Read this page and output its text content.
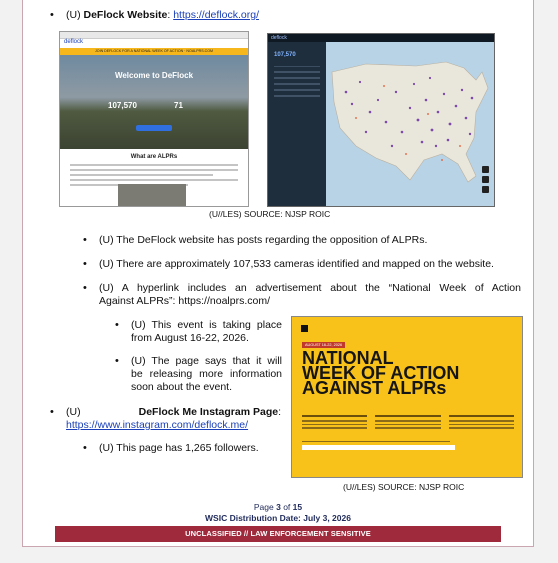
• (U) DeFlock Website: https://deflock.org/
deflock
JOIN DEFLOCK FOR A NATIONAL WEEK OF ACTION · NOALPRS.COM
Welcome to DeFlock
107,570	71
What are ALPRs
deflock
107,570
(U//LES) SOURCE: NJSP ROIC
• (U) The DeFlock website has posts regarding the opposition of ALPRs.
• (U) There are approximately 107,533 cameras identified and mapped on the website.
• (U) A hyperlink includes an advertisement about the “National Week of Action
Against ALPRs”: https://noalprs.com/
• (U) This event is taking place
from August 16-22, 2026.
• (U) The page says that it will
be releasing more information
soon about the event.
AUGUST 16-22, 2026
NATIONAL
WEEK OF ACTION
AGAINST ALPRs
• (U)	DeFlock Me Instagram Page:
https://www.instagram.com/deflock.me/
• (U) This page has 1,265 followers.
(U//LES) SOURCE: NJSP ROIC
Page 3 of 15
WSIC Distribution Date: July 3, 2026
UNCLASSIFIED // LAW ENFORCEMENT SENSITIVE
